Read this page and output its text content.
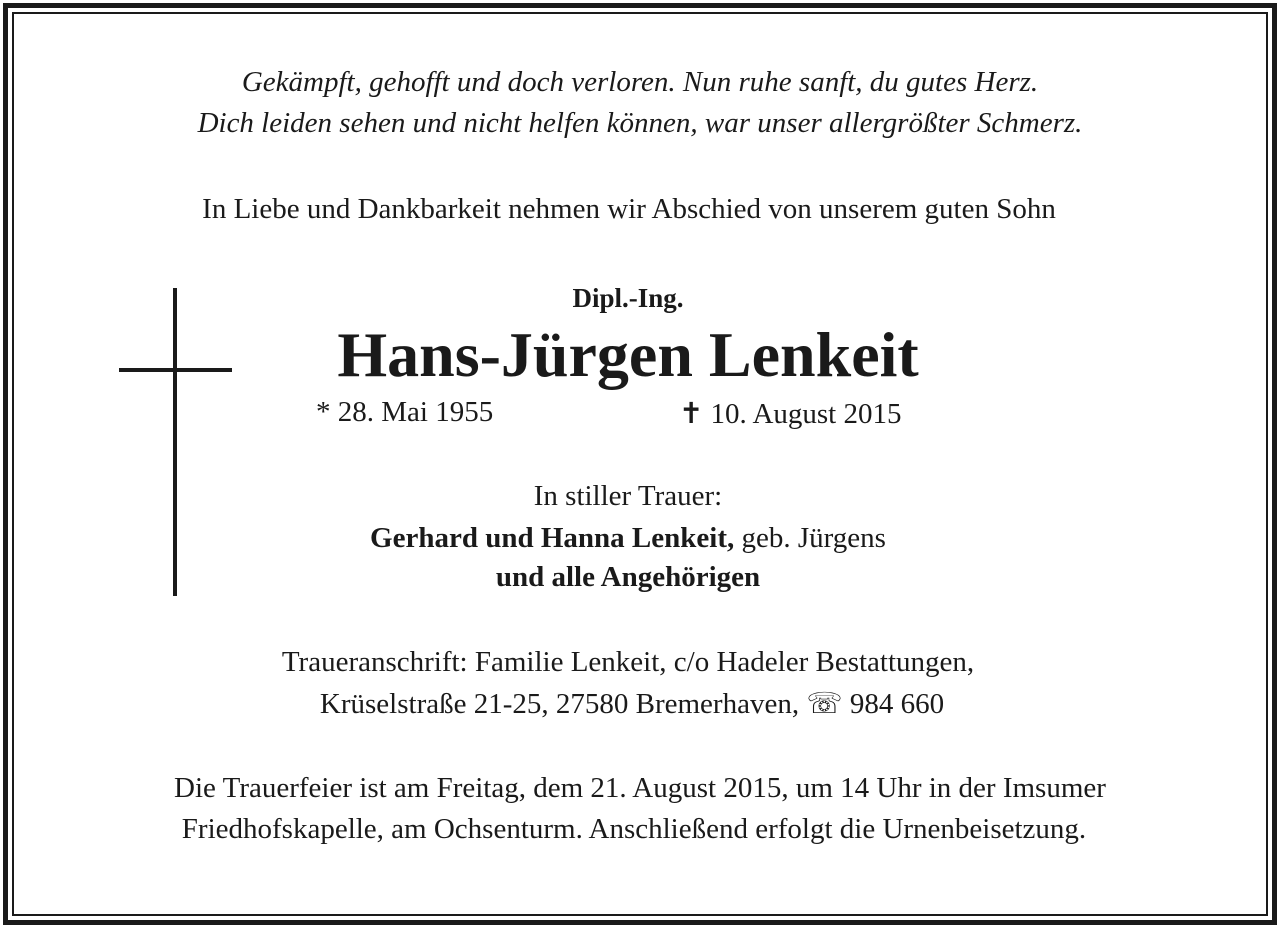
Gekämpft, gehofft und doch verloren. Nun ruhe sanft, du gutes Herz.
Dich leiden sehen und nicht helfen können, war unser allergrößter Schmerz.
In Liebe und Dankbarkeit nehmen wir Abschied von unserem guten Sohn
Dipl.-Ing.
Hans-Jürgen Lenkeit
* 28. Mai 1955	✝ 10. August 2015
In stiller Trauer:
Gerhard und Hanna Lenkeit, geb. Jürgens
und alle Angehörigen
Traueranschrift: Familie Lenkeit, c/o Hadeler Bestattungen,
Krüselstraße 21-25, 27580 Bremerhaven, ☏ 984 660
Die Trauerfeier ist am Freitag, dem 21. August 2015, um 14 Uhr in der Imsumer
Friedhofskapelle, am Ochsenturm. Anschließend erfolgt die Urnenbeisetzung.
